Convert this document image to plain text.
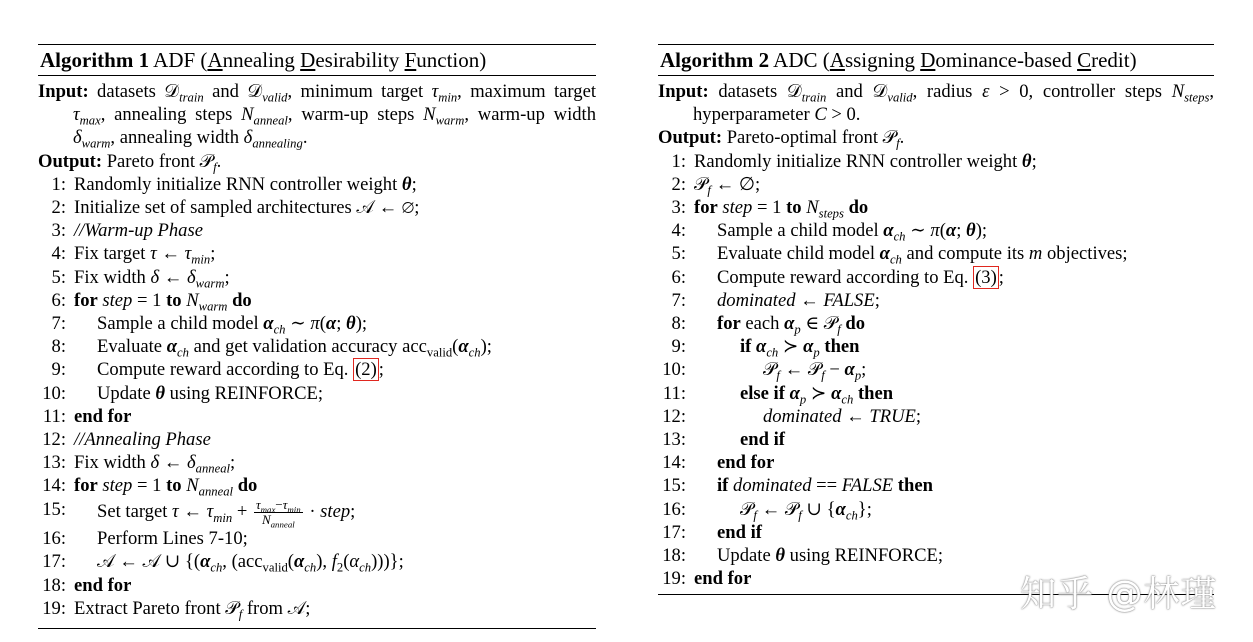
Algorithm 1 ADF (Annealing Desirability Function)
Input: datasets 𝒟$_{train}$ and 𝒟$_{valid}$, minimum target $\tau_{min}$, maximum target $\tau_{max}$, annealing steps $N_{anneal}$, warm-up steps $N_{warm}$, warm-up width $\delta_{warm}$, annealing width $\delta_{annealing}$.
Output: Pareto front 𝒫$_f$.
1: Randomly initialize RNN controller weight θ;
2: Initialize set of sampled architectures 𝒜 ← ∅;
3: //Warm-up Phase
4: Fix target τ ← $\tau_{min}$;
5: Fix width δ ← $\delta_{warm}$;
6: for step = 1 to $N_{warm}$ do
7: Sample a child model $\alpha_{ch}$ ∼ π(α; θ);
8: Evaluate $\alpha_{ch}$ and get validation accuracy $acc_{valid}(\alpha_{ch})$;
9: Compute reward according to Eq. (2) ;
10: Update θ using REINFORCE;
11: end for
12: //Annealing Phase
13: Fix width δ ← $\delta_{anneal}$;
14: for step = 1 to $N_{anneal}$ do
15: Set target τ ← $\tau_{min} + \frac{\tau_{max}-\tau_{min}}{N_{anneal}}$ · step;
16: Perform Lines 7-10;
17: 𝒜 ← 𝒜 ∪ {($\alpha_{ch}$, ($acc_{valid}(\alpha_{ch})$, $f_2(\alpha_{ch})$))};
18: end for
19: Extract Pareto front 𝒫$_f$ from 𝒜;
Algorithm 2 ADC (Assigning Dominance-based Credit)
Input: datasets 𝒟$_{train}$ and 𝒟$_{valid}$, radius ε > 0, controller steps $N_{steps}$, hyperparameter C > 0.
Output: Pareto-optimal front 𝒫$_f$.
1: Randomly initialize RNN controller weight θ;
2: 𝒫$_f$ ← ∅;
3: for step = 1 to $N_{steps}$ do
4: Sample a child model $\alpha_{ch}$ ∼ π(α; θ);
5: Evaluate child model $\alpha_{ch}$ and compute its m objectives;
6: Compute reward according to Eq. (3) ;
7: dominated ← FALSE;
8: for each $\alpha_p$ ∈ 𝒫$_f$ do
9:	if $\alpha_{ch}$ ≻ $\alpha_p$ then
10:	𝒫$_f$ ← 𝒫$_f$ − $\alpha_p$;
11:	else if $\alpha_p$ ≻ $\alpha_{ch}$ then
12:	dominated ← TRUE;
13:	end if
14: end for
15: if dominated == FALSE then
16:	𝒫$_f$ ← 𝒫$_f$ ∪ $\{\alpha_{ch}\}$;
17: end if
18: Update θ using REINFORCE;
19: end for	知乎 @林瑾
